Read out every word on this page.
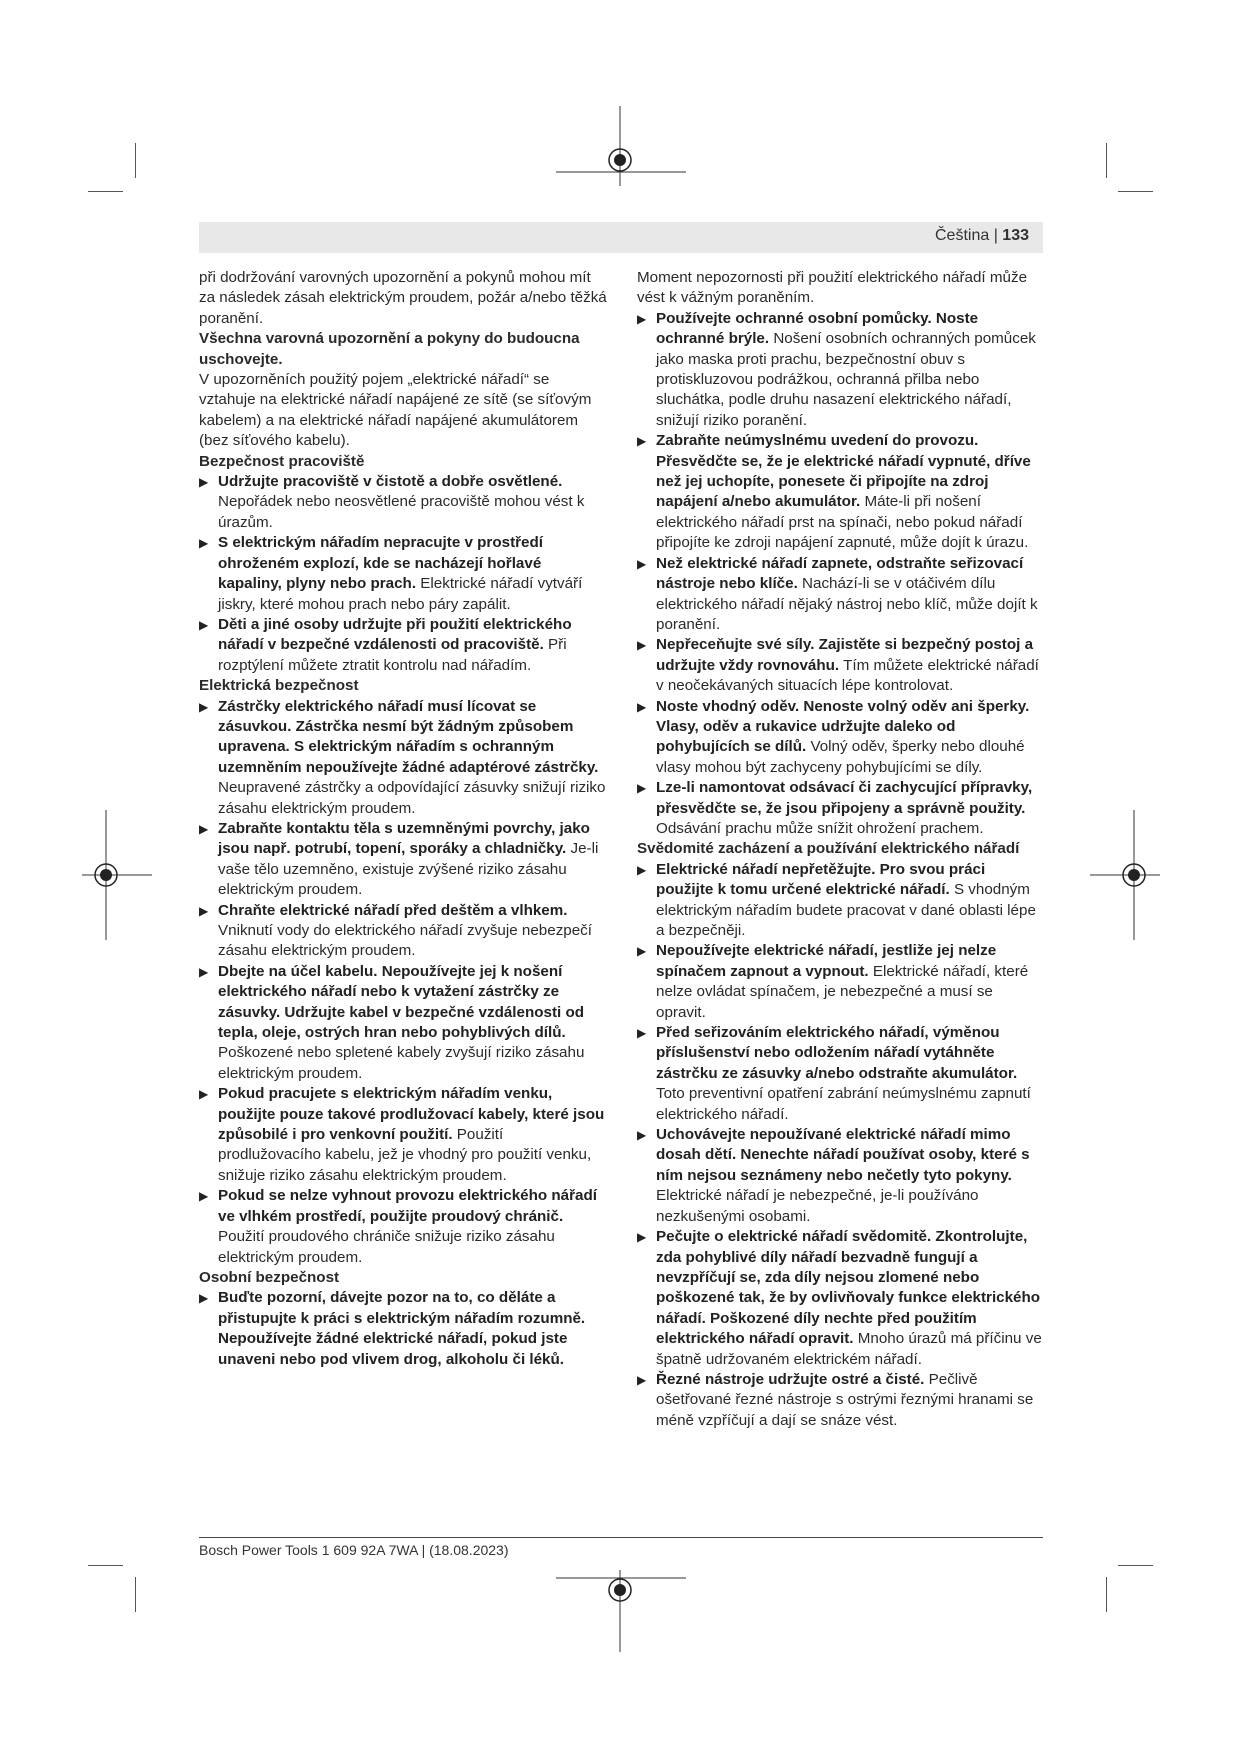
Čeština | 133

při dodržování varovných upozornění a pokynů mohou mít za následek zásah elektrickým proudem, požár a/nebo těžká poranění.

Všechna varovná upozornění a pokyny do budoucna uschovejte.

V upozorněních použitý pojem „elektrické nářadí“ se vztahuje na elektrické nářadí napájené ze sítě (se síťovým kabelem) a na elektrické nářadí napájené akumulátorem (bez síťového kabelu).

Bezpečnost pracoviště

▶ Udržujte pracoviště v čistotě a dobře osvětlené. Nepořádek nebo neosvětlené pracoviště mohou vést k úrazům.

▶ S elektrickým nářadím nepracujte v prostředí ohroženém explozí, kde se nacházejí hořlavé kapaliny, plyny nebo prach. Elektrické nářadí vytváří jiskry, které mohou prach nebo páry zapálit.

▶ Děti a jiné osoby udržujte při použití elektrického nářadí v bezpečné vzdálenosti od pracoviště. Při rozptýlení můžete ztratit kontrolu nad nářadím.

Elektrická bezpečnost

▶ Zástrčky elektrického nářadí musí lícovat se zásuvkou. Zástrčka nesmí být žádným způsobem upravena. S elektrickým nářadím s ochranným uzemněním nepoužívejte žádné adaptérové zástrčky. Neupravené zástrčky a odpovídající zásuvky snižují riziko zásahu elektrickým proudem.

▶ Zabraňte kontaktu těla s uzemněnými povrchy, jako jsou např. potrubí, topení, sporáky a chladničky. Je-li vaše tělo uzemněno, existuje zvýšené riziko zásahu elektrickým proudem.

▶ Chraňte elektrické nářadí před deštěm a vlhkem. Vniknutí vody do elektrického nářadí zvyšuje nebezpečí zásahu elektrickým proudem.

▶ Dbejte na účel kabelu. Nepoužívejte jej k nošení elektrického nářadí nebo k vytažení zástrčky ze zásuvky. Udržujte kabel v bezpečné vzdálenosti od tepla, oleje, ostrých hran nebo pohyblivých dílů. Poškozené nebo spletené kabely zvyšují riziko zásahu elektrickým proudem.

▶ Pokud pracujete s elektrickým nářadím venku, použijte pouze takové prodlužovací kabely, které jsou způsobilé i pro venkovní použití. Použití prodlužovacího kabelu, jež je vhodný pro použití venku, snižuje riziko zásahu elektrickým proudem.

▶ Pokud se nelze vyhnout provozu elektrického nářadí ve vlhkém prostředí, použijte proudový chránič. Použití proudového chrániče snižuje riziko zásahu elektrickým proudem.

Osobní bezpečnost

▶ Buďte pozorní, dávejte pozor na to, co děláte a přistupujte k práci s elektrickým nářadím rozumně. Nepoužívejte žádné elektrické nářadí, pokud jste unaveni nebo pod vlivem drog, alkoholu či léků.

Moment nepozornosti při použití elektrického nářadí může vést k vážným poraněním.

▶ Používejte ochranné osobní pomůcky. Noste ochranné brýle. Nošení osobních ochranných pomůcek jako maska proti prachu, bezpečnostní obuv s protiskluzovou podrážkou, ochranná přilba nebo sluchátka, podle druhu nasazení elektrického nářadí, snižují riziko poranění.

▶ Zabraňte neúmyslnému uvedení do provozu. Přesvědčte se, že je elektrické nářadí vypnuté, dříve než jej uchopíte, ponesete či připojíte na zdroj napájení a/nebo akumulátor. Máte-li při nošení elektrického nářadí prst na spínači, nebo pokud nářadí připojíte ke zdroji napájení zapnuté, může dojít k úrazu.

▶ Než elektrické nářadí zapnete, odstraňte seřizovací nástroje nebo klíče. Nachází-li se v otáčivém dílu elektrického nářadí nějaký nástroj nebo klíč, může dojít k poranění.

▶ Nepřeceňujte své síly. Zajistěte si bezpečný postoj a udržujte vždy rovnováhu. Tím můžete elektrické nářadí v neočekávaných situacích lépe kontrolovat.

▶ Noste vhodný oděv. Nenoste volný oděv ani šperky. Vlasy, oděv a rukavice udržujte daleko od pohybujících se dílů. Volný oděv, šperky nebo dlouhé vlasy mohou být zachyceny pohybujícími se díly.

▶ Lze-li namontovat odsávací či zachycující přípravky, přesvědčte se, že jsou připojeny a správně použity. Odsávání prachu může snížit ohrožení prachem.

Svědomité zacházení a používání elektrického nářadí

▶ Elektrické nářadí nepřetěžujte. Pro svou práci použijte k tomu určené elektrické nářadí. S vhodným elektrickým nářadím budete pracovat v dané oblasti lépe a bezpečněji.

▶ Nepoužívejte elektrické nářadí, jestliže jej nelze spínačem zapnout a vypnout. Elektrické nářadí, které nelze ovládat spínačem, je nebezpečné a musí se opravit.

▶ Před seřizováním elektrického nářadí, výměnou příslušenství nebo odložením nářadí vytáhněte zástrčku ze zásuvky a/nebo odstraňte akumulátor. Toto preventivní opatření zabrání neúmyslnému zapnutí elektrického nářadí.

▶ Uchovávejte nepoužívané elektrické nářadí mimo dosah dětí. Nenechte nářadí používat osoby, které s ním nejsou seznámeny nebo nečetly tyto pokyny. Elektrické nářadí je nebezpečné, je-li používáno nezkušenými osobami.

▶ Pečujte o elektrické nářadí svědomitě. Zkontrolujte, zda pohyblivé díly nářadí bezvadně fungují a nevzpříčují se, zda díly nejsou zlomené nebo poškozené tak, že by ovlivňovaly funkce elektrického nářadí. Poškozené díly nechte před použitím elektrického nářadí opravit. Mnoho úrazů má příčinu ve špatně udržovaném elektrickém nářadí.

▶ Řezné nástroje udržujte ostré a čisté. Pečlivě ošetřované řezné nástroje s ostrými řeznými hranami se méně vzpříčují a dají se snáze vést.

Bosch Power Tools 1 609 92A 7WA | (18.08.2023)
